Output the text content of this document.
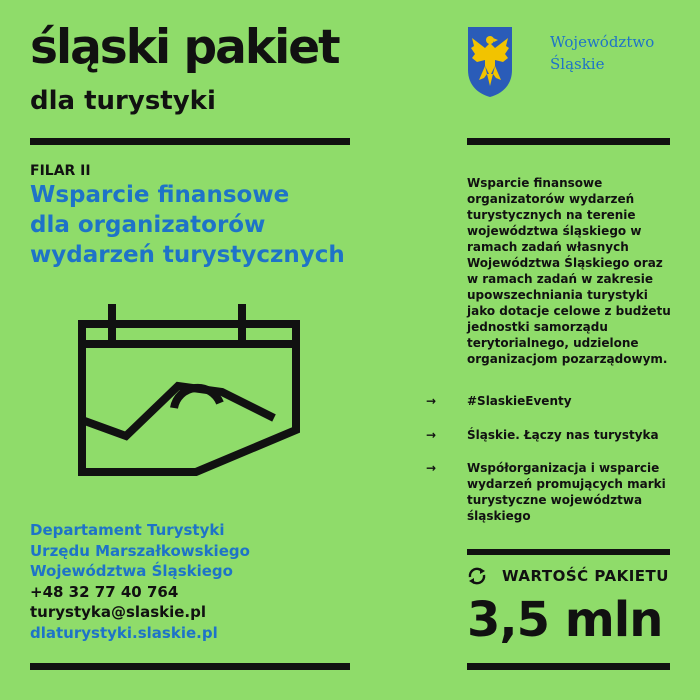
śląski pakiet
dla turystyki
FILAR II
Wsparcie finansowe
dla organizatorów
wydarzeń turystycznych
Departament Turystyki
Urzędu Marszałkowskiego
Województwa Śląskiego
+48 32 77 40 764
turystyka@slaskie.pl
dlaturystyki.slaskie.pl
Województwo
Śląskie
Wsparcie finansowe organizatorów wydarzeń turystycznych na terenie województwa śląskiego w ramach zadań własnych Województwa Śląskiego oraz w ramach zadań w zakresie upowszechniania turystyki jako dotacje celowe z budżetu jednostki samorządu terytorialnego, udzielone organizacjom pozarządowym.
→	#SlaskieEventy
→	Śląskie. Łączy nas turystyka
→	Współorganizacja i wsparcie wydarzeń promujących marki turystyczne województwa śląskiego
WARTOŚĆ PAKIETU
3,5 mln
